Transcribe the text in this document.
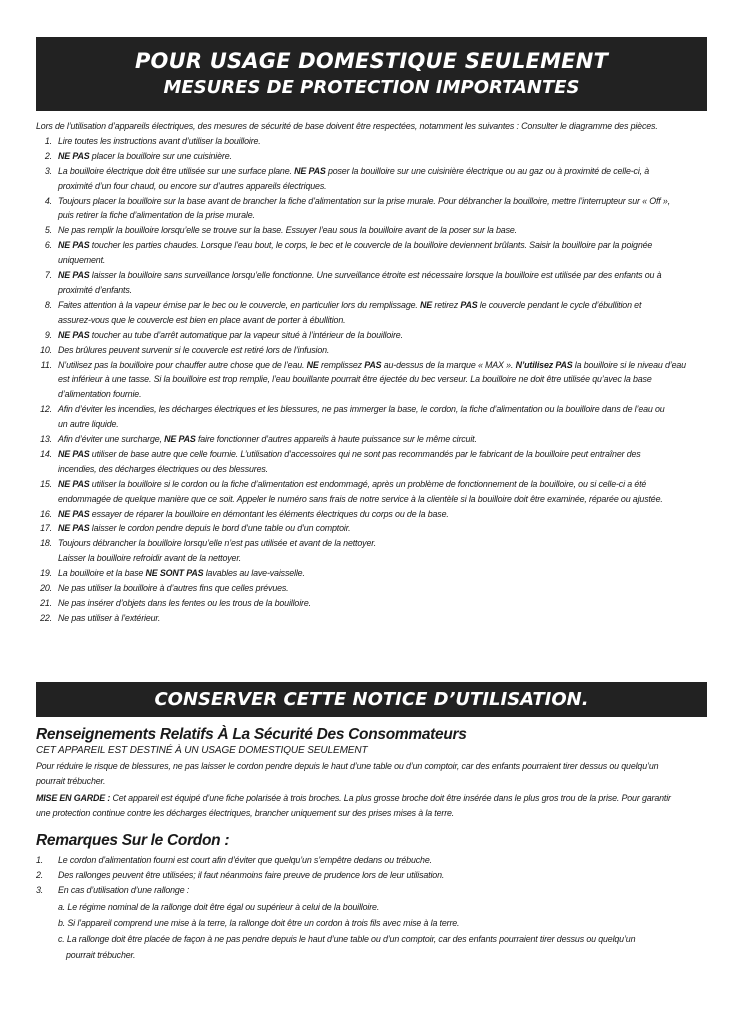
POUR USAGE DOMESTIQUE SEULEMENT
MESURES DE PROTECTION IMPORTANTES
Lors de l’utilisation d’appareils électriques, des mesures de sécurité de base doivent être respectées, notamment les suivantes : Consulter le diagramme des pièces.
1. Lire toutes les instructions avant d’utiliser la bouilloire.
2. NE PAS placer la bouilloire sur une cuisinière.
3. La bouilloire électrique doit être utilisée sur une surface plane. NE PAS poser la bouilloire sur une cuisinière électrique ou au gaz ou à proximité de celle-ci, à
proximité d’un four chaud, ou encore sur d’autres appareils électriques.
4. Toujours placer la bouilloire sur la base avant de brancher la fiche d’alimentation sur la prise murale. Pour débrancher la bouilloire, mettre l’interrupteur sur « Off »,
puis retirer la fiche d’alimentation de la prise murale.
5. Ne pas remplir la bouilloire lorsqu’elle se trouve sur la base. Essuyer l’eau sous la bouilloire avant de la poser sur la base.
6. NE PAS toucher les parties chaudes. Lorsque l’eau bout, le corps, le bec et le couvercle de la bouilloire deviennent brûlants. Saisir la bouilloire par la poignée
uniquement.
7. NE PAS laisser la bouilloire sans surveillance lorsqu’elle fonctionne. Une surveillance étroite est nécessaire lorsque la bouilloire est utilisée par des enfants ou à
proximité d’enfants.
8. Faites attention à la vapeur émise par le bec ou le couvercle, en particulier lors du remplissage. NE retirez PAS le couvercle pendant le cycle d’ébullition et
assurez-vous que le couvercle est bien en place avant de porter à ébullition.
9. NE PAS toucher au tube d’arrêt automatique par la vapeur situé à l’intérieur de la bouilloire.
10. Des brûlures peuvent survenir si le couvercle est retiré lors de l’infusion.
11. N’utilisez pas la bouilloire pour chauffer autre chose que de l’eau. NE remplissez PAS au-dessus de la marque « MAX ». N’utilisez PAS la bouilloire si le niveau d’eau
est inférieur à une tasse. Si la bouilloire est trop remplie, l’eau bouillante pourrait être éjectée du bec verseur. La bouilloire ne doit être utilisée qu’avec la base
d’alimentation fournie.
12. Afin d’éviter les incendies, les décharges électriques et les blessures, ne pas immerger la base, le cordon, la fiche d’alimentation ou la bouilloire dans de l’eau ou
un autre liquide.
13. Afin d’éviter une surcharge, NE PAS faire fonctionner d’autres appareils à haute puissance sur le même circuit.
14. NE PAS utiliser de base autre que celle fournie. L’utilisation d’accessoires qui ne sont pas recommandés par le fabricant de la bouilloire peut entraîner des
incendies, des décharges électriques ou des blessures.
15. NE PAS utiliser la bouilloire si le cordon ou la fiche d’alimentation est endommagé, après un problème de fonctionnement de la bouilloire, ou si celle-ci a été
endommagée de quelque manière que ce soit. Appeler le numéro sans frais de notre service à la clientèle si la bouilloire doit être examinée, réparée ou ajustée.
16. NE PAS essayer de réparer la bouilloire en démontant les éléments électriques du corps ou de la base.
17. NE PAS laisser le cordon pendre depuis le bord d’une table ou d’un comptoir.
18. Toujours débrancher la bouilloire lorsqu’elle n’est pas utilisée et avant de la nettoyer.
Laisser la bouilloire refroidir avant de la nettoyer.
19. La bouilloire et la base NE SONT PAS lavables au lave-vaisselle.
20. Ne pas utiliser la bouilloire à d’autres fins que celles prévues.
21. Ne pas insérer d’objets dans les fentes ou les trous de la bouilloire.
22. Ne pas utiliser à l’extérieur.
CONSERVER CETTE NOTICE D’UTILISATION.
Renseignements Relatifs À La Sécurité Des Consommateurs
CET APPAREIL EST DESTINÉ À UN USAGE DOMESTIQUE SEULEMENT

Pour réduire le risque de blessures, ne pas laisser le cordon pendre depuis le haut d’une table ou d’un comptoir, car des enfants pourraient tirer dessus ou quelqu’un
pourrait trébucher.

MISE EN GARDE : Cet appareil est équipé d’une fiche polarisée à trois broches. La plus grosse broche doit être insérée dans le plus gros trou de la prise. Pour garantir
une protection continue contre les décharges électriques, brancher uniquement sur des prises mises à la terre.

Remarques Sur le Cordon :
1. Le cordon d’alimentation fourni est court afin d’éviter que quelqu’un s’empêtre dedans ou trébuche.
2. Des rallonges peuvent être utilisées; il faut néanmoins faire preuve de prudence lors de leur utilisation.
3. En cas d’utilisation d’une rallonge :
a. Le régime nominal de la rallonge doit être égal ou supérieur à celui de la bouilloire.
b. Si l’appareil comprend une mise à la terre, la rallonge doit être un cordon à trois fils avec mise à la terre.
c. La rallonge doit être placée de façon à ne pas pendre depuis le haut d’une table ou d’un comptoir, car des enfants pourraient tirer dessus ou quelqu’un
pourrait trébucher.
